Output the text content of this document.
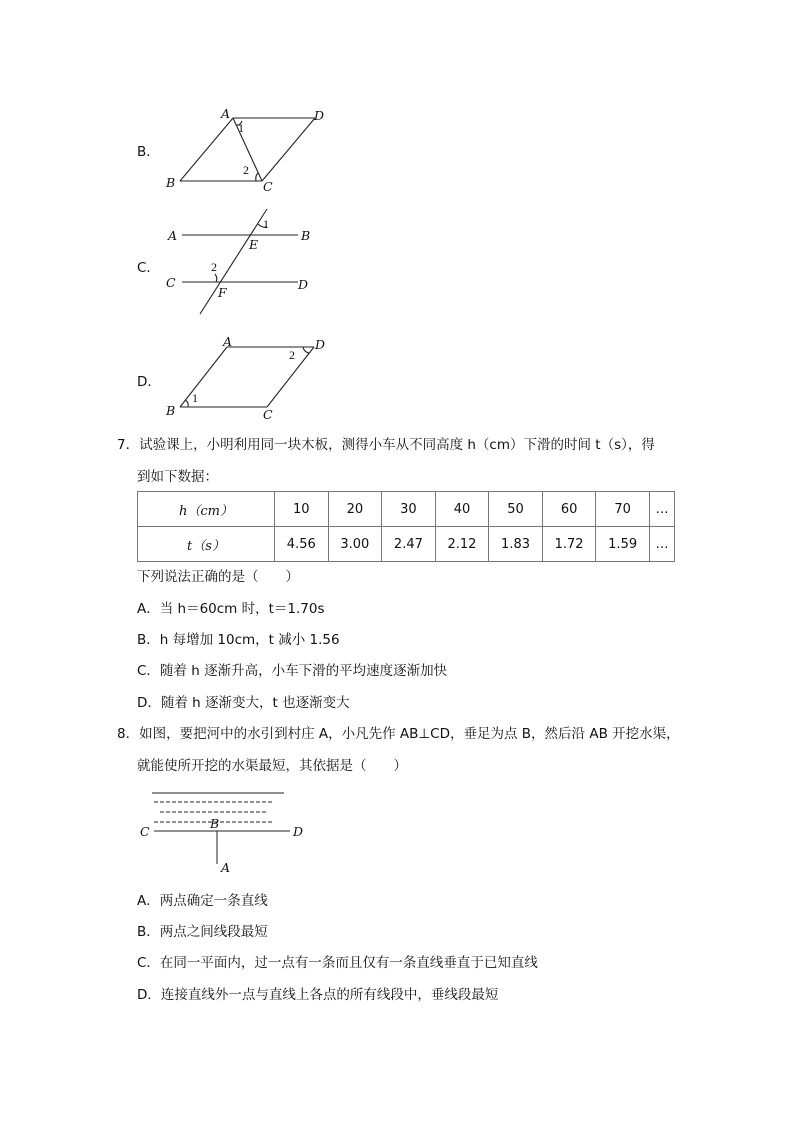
B．
A	D
B	C
1
2
C．
A	B
E
1
C	D
F
2
D．
A	D
B	C
1
2
7．试验课上，小明利用同一块木板，测得小车从不同高度 h（cm）下滑的时间 t（s），得
到如下数据：
h（cm）	10	20	30	40	50	60	70	…
t（s）	4.56	3.00	2.47	2.12	1.83	1.72	1.59	…
下列说法正确的是（　　）
A．当 h＝60cm 时，t＝1.70s
B．h 每增加 10cm，t 减小 1.56
C．随着 h 逐渐升高，小车下滑的平均速度逐渐加快
D．随着 h 逐渐变大，t 也逐渐变大
8．如图，要把河中的水引到村庄 A，小凡先作 AB⊥CD，垂足为点 B，然后沿 AB 开挖水渠，
就能使所开挖的水渠最短，其依据是（　　）
C
B
D
A
A．两点确定一条直线
B．两点之间线段最短
C．在同一平面内，过一点有一条而且仅有一条直线垂直于已知直线
D．连接直线外一点与直线上各点的所有线段中，垂线段最短
